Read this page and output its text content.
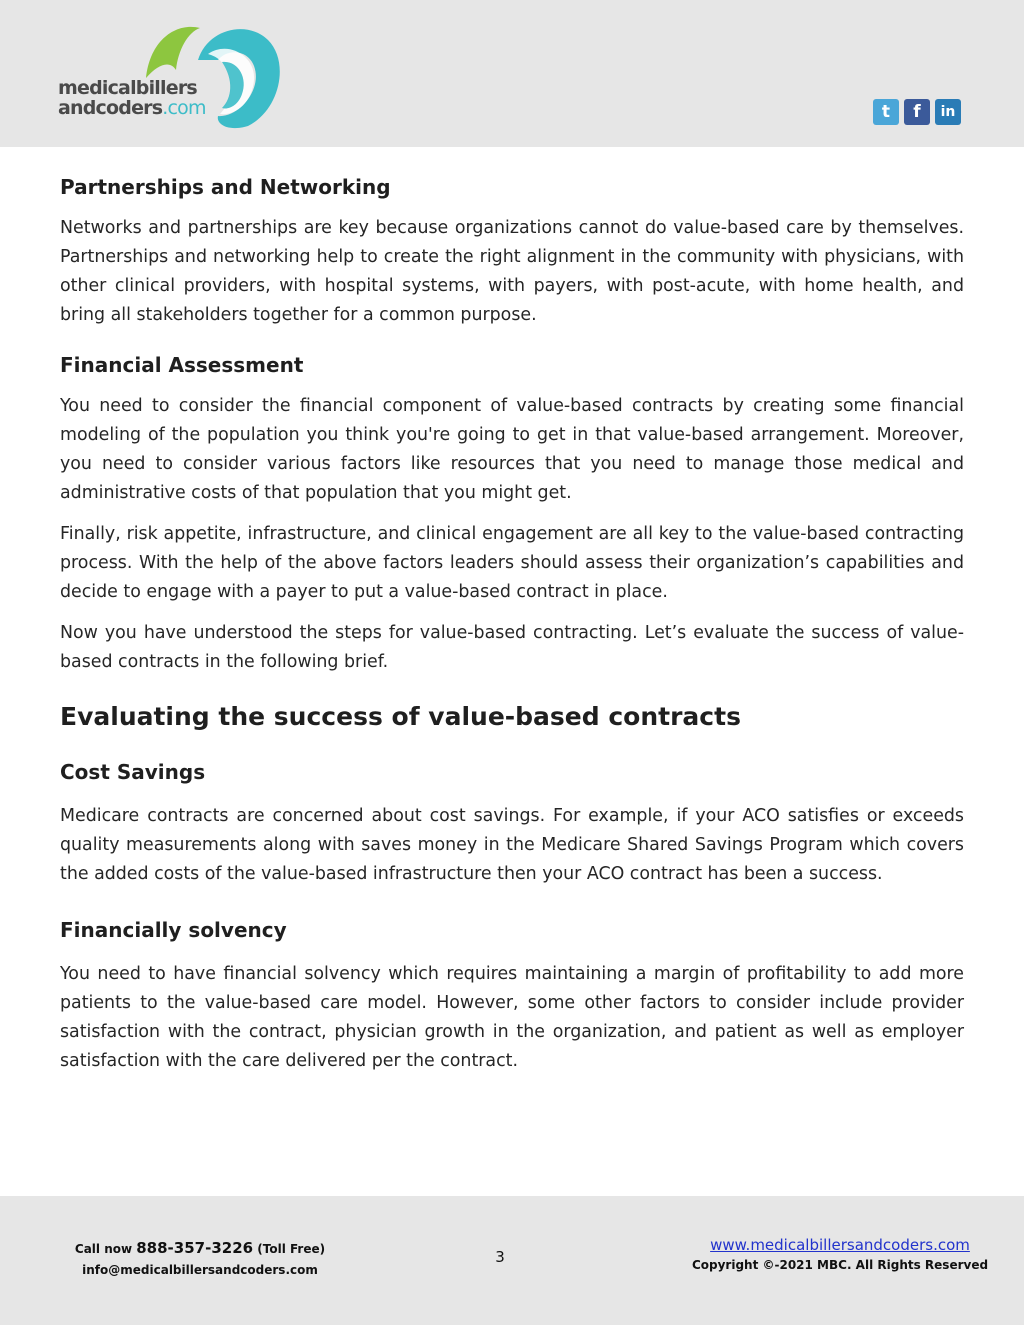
medicalbillers
andcoders.com	t	f	in
Partnerships and Networking

Networks and partnerships are key because organizations cannot do value-based care by themselves. Partnerships and networking help to create the right alignment in the community with physicians, with other clinical providers, with hospital systems, with payers, with post-acute, with home health, and bring all stakeholders together for a common purpose.

Financial Assessment

You need to consider the financial component of value-based contracts by creating some financial modeling of the population you think you're going to get in that value-based arrangement. Moreover, you need to consider various factors like resources that you need to manage those medical and administrative costs of that population that you might get.

Finally, risk appetite, infrastructure, and clinical engagement are all key to the value-based contracting process. With the help of the above factors leaders should assess their organization’s capabilities and decide to engage with a payer to put a value-based contract in place.

Now you have understood the steps for value-based contracting. Let’s evaluate the success of value-based contracts in the following brief.

Evaluating the success of value-based contracts
Cost Savings

Medicare contracts are concerned about cost savings. For example, if your ACO satisfies or exceeds quality measurements along with saves money in the Medicare Shared Savings Program which covers the added costs of the value-based infrastructure then your ACO contract has been a success.

Financially solvency

You need to have financial solvency which requires maintaining a margin of profitability to add more patients to the value-based care model. However, some other factors to consider include provider satisfaction with the contract, physician growth in the organization, and patient as well as employer satisfaction with the care delivered per the contract.

Call now 888-357-3226 (Toll Free)
info@medicalbillersandcoders.com
3
www.medicalbillersandcoders.com
Copyright ©-2021 MBC. All Rights Reserved
